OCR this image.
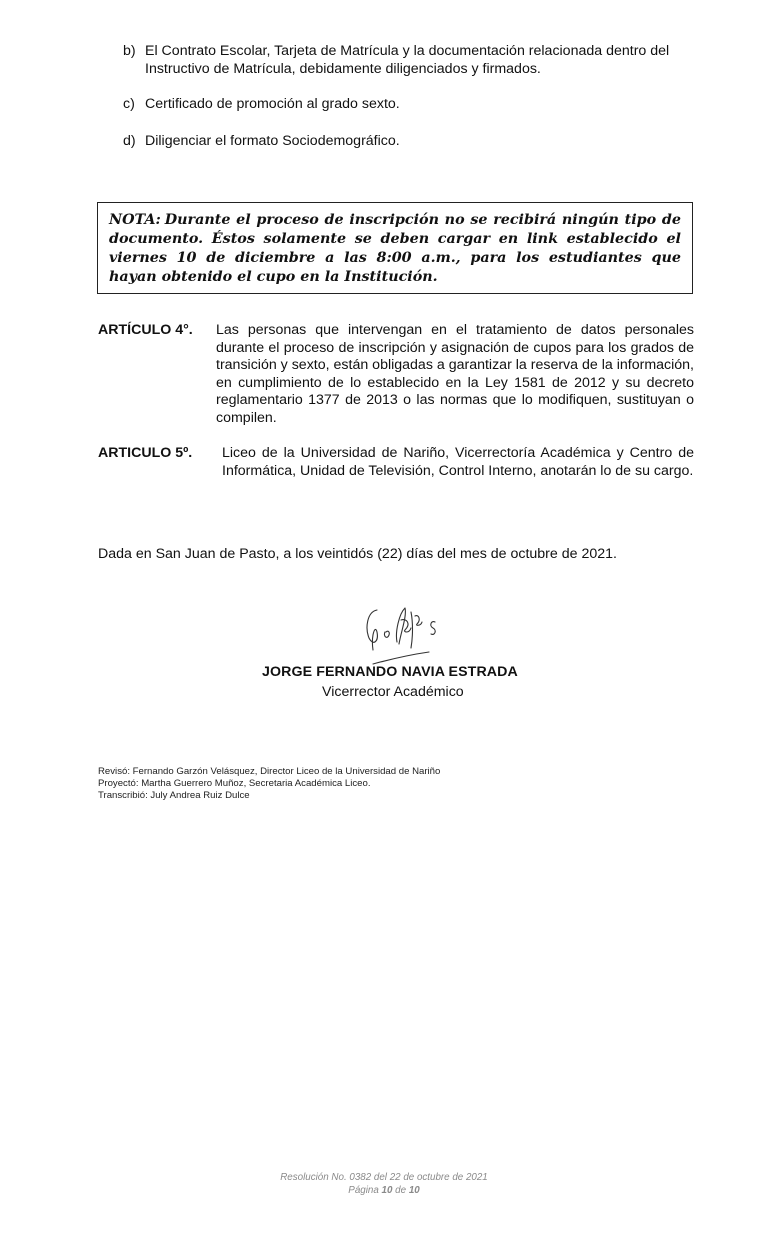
b) El Contrato Escolar, Tarjeta de Matrícula y la documentación relacionada dentro del Instructivo de Matrícula, debidamente diligenciados y firmados.
c) Certificado de promoción al grado sexto.
d) Diligenciar el formato Sociodemográfico.
NOTA: Durante el proceso de inscripción no se recibirá ningún tipo de documento. Éstos solamente se deben cargar en link establecido el viernes 10 de diciembre a las 8:00 a.m., para los estudiantes que hayan obtenido el cupo en la Institución.
ARTÍCULO 4°. Las personas que intervengan en el tratamiento de datos personales durante el proceso de inscripción y asignación de cupos para los grados de transición y sexto, están obligadas a garantizar la reserva de la información, en cumplimiento de lo establecido en la Ley 1581 de 2012 y su decreto reglamentario 1377 de 2013 o las normas que lo modifiquen, sustituyan o compilen.
ARTICULO 5º. Liceo de la Universidad de Nariño, Vicerrectoría Académica y Centro de Informática, Unidad de Televisión, Control Interno, anotarán lo de su cargo.
Dada en San Juan de Pasto, a los veintidós (22) días del mes de octubre de 2021.
JORGE FERNANDO NAVIA ESTRADA
Vicerrector Académico
Revisó: Fernando Garzón Velásquez, Director Liceo de la Universidad de Nariño
Proyectó: Martha Guerrero Muñoz, Secretaria Académica Liceo.
Transcribió: July Andrea Ruiz Dulce
Resolución No. 0382 del 22 de octubre de 2021
Página 10 de 10
